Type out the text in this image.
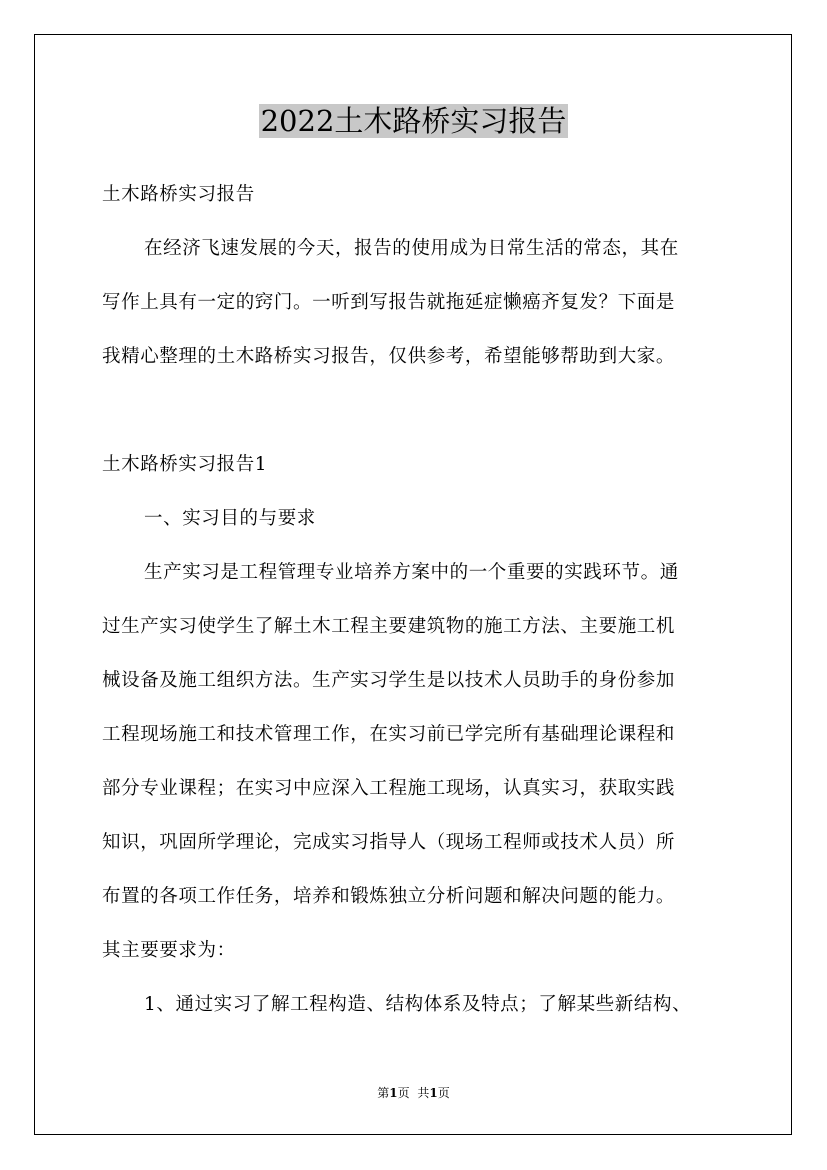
2022土木路桥实习报告
土木路桥实习报告
在经济飞速发展的今天，报告的使用成为日常生活的常态，其在
写作上具有一定的窍门。一听到写报告就拖延症懒癌齐复发？下面是
我精心整理的土木路桥实习报告，仅供参考，希望能够帮助到大家。
土木路桥实习报告1
一、实习目的与要求
生产实习是工程管理专业培养方案中的一个重要的实践环节。通
过生产实习使学生了解土木工程主要建筑物的施工方法、主要施工机
械设备及施工组织方法。生产实习学生是以技术人员助手的身份参加
工程现场施工和技术管理工作，在实习前已学完所有基础理论课程和
部分专业课程；在实习中应深入工程施工现场，认真实习，获取实践
知识，巩固所学理论，完成实习指导人（现场工程师或技术人员）所
布置的各项工作任务，培养和锻炼独立分析问题和解决问题的能力。
其主要要求为：
1、通过实习了解工程构造、结构体系及特点；了解某些新结构、
第1页 共1页
